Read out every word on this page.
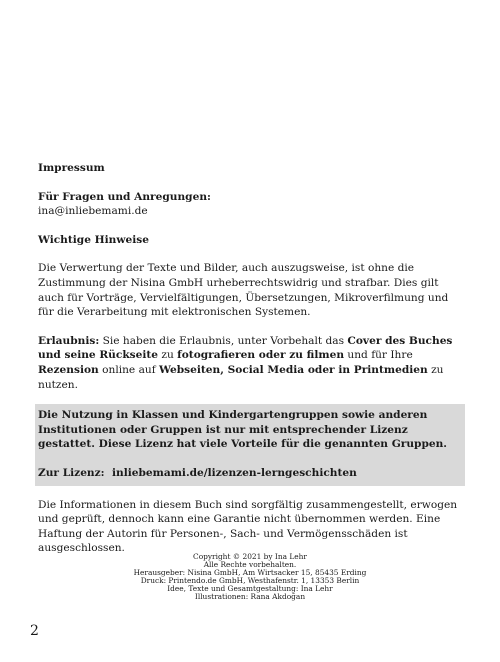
Impressum

Für Fragen und Anregungen:

ina@inliebemami.de

Wichtige Hinweise

Die Verwertung der Texte und Bilder, auch auszugsweise, ist ohne die Zustimmung der Nisina GmbH urheberrechtswidrig und strafbar. Dies gilt auch für Vorträge, Vervielfältigungen, Übersetzungen, Mikroverfilmung und für die Verarbeitung mit elektronischen Systemen.

Erlaubnis: Sie haben die Erlaubnis, unter Vorbehalt das Cover des Buches und seine Rückseite zu fotografieren oder zu filmen und für Ihre Rezension online auf Webseiten, Social Media oder in Printmedien zu nutzen.

Die Nutzung in Klassen und Kindergartengruppen sowie anderen Institutionen oder Gruppen ist nur mit entsprechender Lizenz gestattet. Diese Lizenz hat viele Vorteile für die genannten Gruppen.

Zur Lizenz: inliebemami.de/lizenzen-lerngeschichten

Die Informationen in diesem Buch sind sorgfältig zusammengestellt, erwogen und geprüft, dennoch kann eine Garantie nicht übernommen werden. Eine Haftung der Autorin für Personen-, Sach- und Vermögensschäden ist ausgeschlossen.

Copyright © 2021 by Ina Lehr
Alle Rechte vorbehalten.
Herausgeber: Nisina GmbH, Am Wirtsacker 15, 85435 Erding
Druck: Printendo.de GmbH, Westhafenstr. 1, 13353 Berlin
Idee, Texte und Gesamtgestaltung: Ina Lehr
Illustrationen: Rana Akdoğan
2
